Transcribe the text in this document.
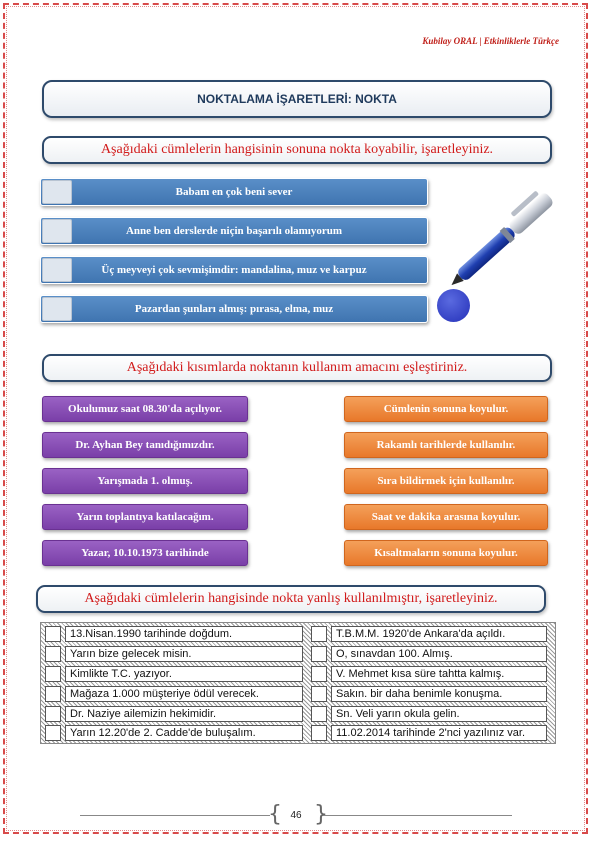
Kubilay ORAL | Etkinliklerle Türkçe
NOKTALAMA İŞARETLERİ: NOKTA
Aşağıdaki cümlelerin hangisinin sonuna nokta koyabilir, işaretleyiniz.
Babam en çok beni sever
Anne ben derslerde niçin başarılı olamıyorum
Üç meyveyi çok sevmişimdir: mandalina, muz ve karpuz
Pazardan şunları almış: pırasa, elma, muz
Aşağıdaki kısımlarda noktanın kullanım amacını eşleştiriniz.
Okulumuz saat 08.30'da açılıyor.
Dr. Ayhan Bey tanıdığımızdır.
Yarışmada 1. olmuş.
Yarın toplantıya katılacağım.
Yazar, 10.10.1973 tarihinde
Cümlenin sonuna koyulur.
Rakamlı tarihlerde kullanılır.
Sıra bildirmek için kullanılır.
Saat ve dakika arasına koyulur.
Kısaltmaların sonuna koyulur.
Aşağıdaki cümlelerin hangisinde nokta yanlış kullanılmıştır, işaretleyiniz.
13.Nisan.1990 tarihinde doğdum.	T.B.M.M. 1920'de Ankara'da açıldı.
Yarın bize gelecek misin.	O, sınavdan 100. Almış.
Kimlikte T.C. yazıyor.	V. Mehmet kısa süre tahtta kalmış.
Mağaza 1.000 müşteriye ödül verecek.	Sakın. bir daha benimle konuşma.
Dr. Naziye ailemizin hekimidir.	Sn. Veli yarın okula gelin.
Yarın 12.20'de 2. Cadde'de buluşalım.	11.02.2014 tarihinde 2'nci yazılınız var.
{ }
46
